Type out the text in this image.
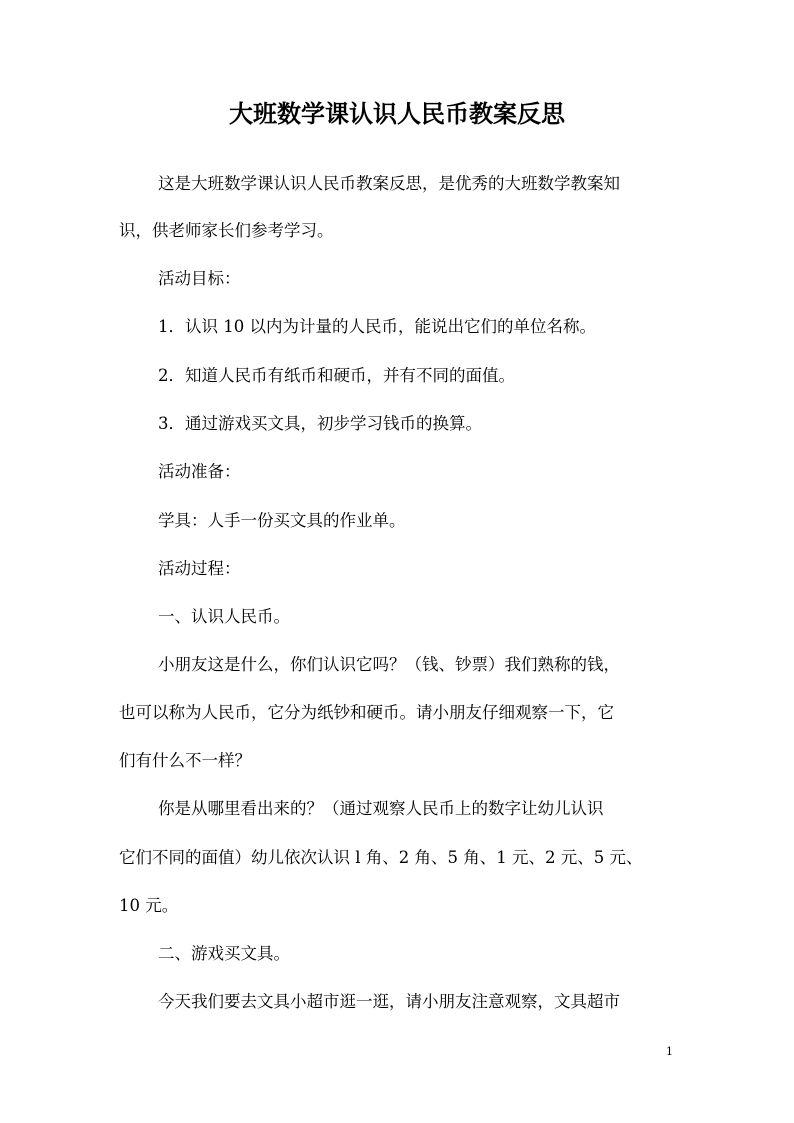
大班数学课认识人民币教案反思

这是大班数学课认识人民币教案反思，是优秀的大班数学教案知

识，供老师家长们参考学习。

活动目标：

1．认识 10 以内为计量的人民币，能说出它们的单位名称。

2．知道人民币有纸币和硬币，并有不同的面值。

3．通过游戏买文具，初步学习钱币的换算。

活动准备：

学具：人手一份买文具的作业单。

活动过程：

一、认识人民币。

小朋友这是什么，你们认识它吗？（钱、钞票）我们熟称的钱，

也可以称为人民币，它分为纸钞和硬币。请小朋友仔细观察一下，它

们有什么不一样？

你是从哪里看出来的？（通过观察人民币上的数字让幼儿认识

它们不同的面值）幼儿依次认识 l 角、2 角、5 角、1 元、2 元、5 元、

10 元。

二、游戏买文具。

今天我们要去文具小超市逛一逛，请小朋友注意观察，文具超市

1
